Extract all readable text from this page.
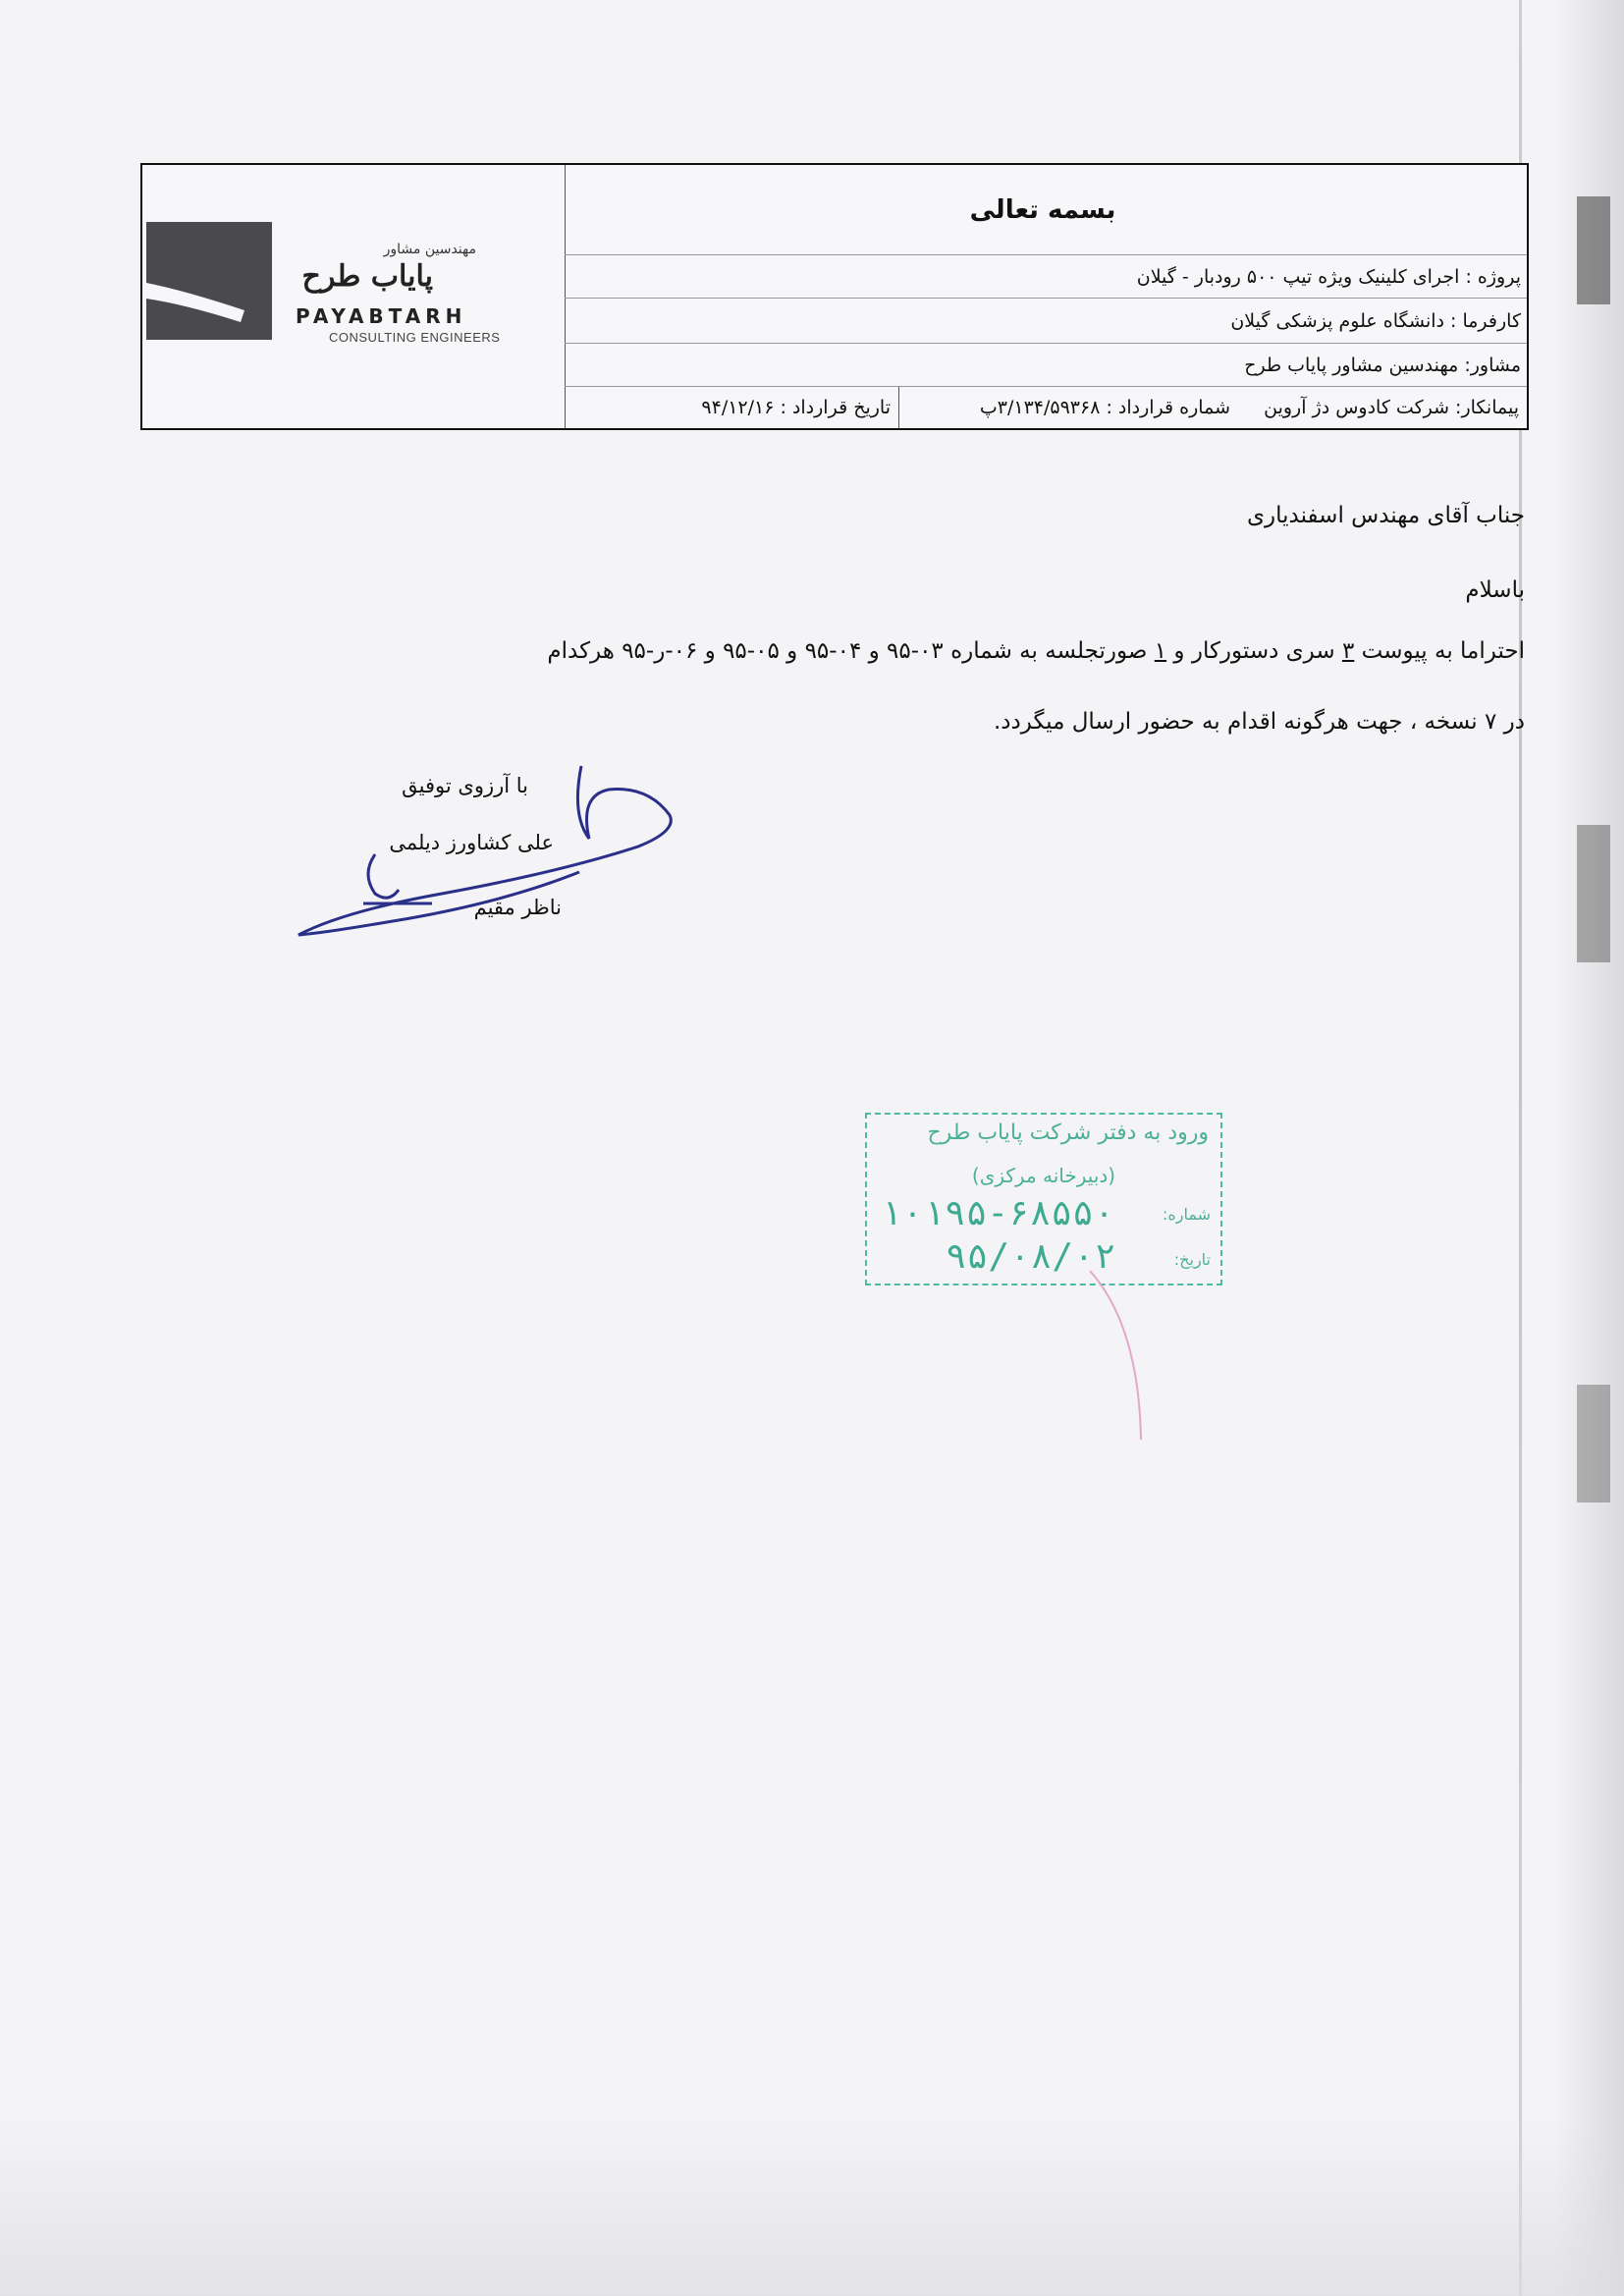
مهندسین مشاور
پایاب طرح
PAYABTARH
CONSULTING ENGINEERS
بسمه تعالی
پروژه : اجرای کلینیک ویژه تیپ ۵۰۰ رودبار - گیلان
کارفرما : دانشگاه علوم پزشکی گیلان
مشاور: مهندسین مشاور پایاب طرح
پیمانکار: شرکت کادوس دژ آروین
شماره قرارداد : ۳/۱۳۴/۵۹۳۶۸پ
تاریخ قرارداد : ۹۴/۱۲/۱۶
جناب آقای مهندس اسفندیاری
باسلام
احتراما به پیوست ۳ سری دستورکار و ۱ صورتجلسه به شماره ۰۳-۹۵ و ۰۴-۹۵ و ۰۵-۹۵ و ۰۶-ر-۹۵ هرکدام
در ۷ نسخه ، جهت هرگونه اقدام به حضور ارسال میگردد.
با آرزوی توفیق
علی کشاورز دیلمی
ناظر مقیم
ورود به دفتر شرکت پایاب طرح
(دبیرخانه مرکزی)
شماره:
۱۰۱۹۵-۶۸۵۵۰
تاریخ:
۹۵/۰۸/۰۲
